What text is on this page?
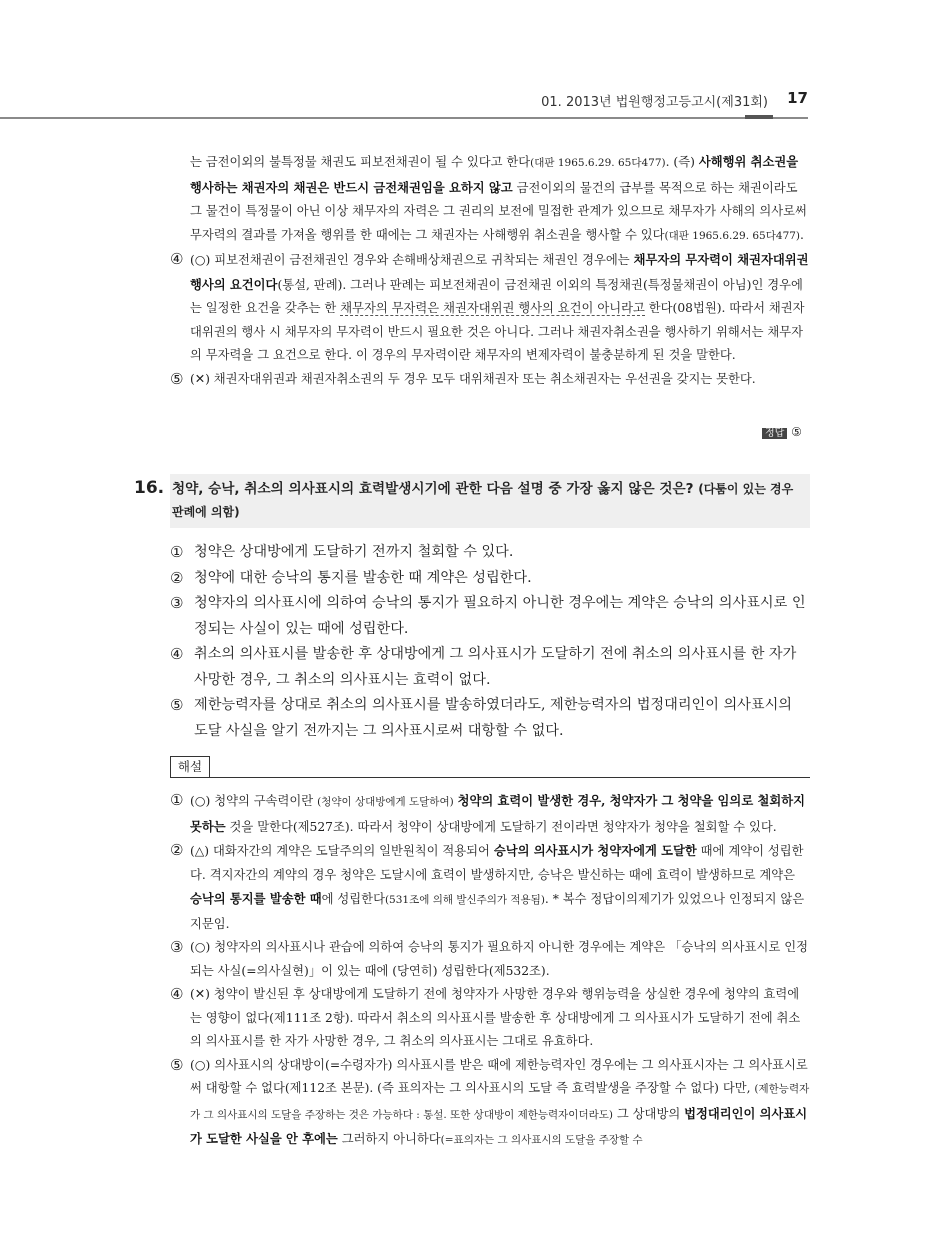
01. 2013년 법원행정고등고시(제31회) 17

는 금전이외의 불특정물 채권도 피보전채권이 될 수 있다고 한다(대판 1965.6.29. 65다477). (즉) 사해행위 취소권을 행사하는 채권자의 채권은 반드시 금전채권임을 요하지 않고 금전이외의 물건의 급부를 목적으로 하는 채권이라도 그 물건이 특정물이 아닌 이상 채무자의 자력은 그 권리의 보전에 밀접한 관계가 있으므로 채무자가 사해의 의사로써 무자력의 결과를 가져올 행위를 한 때에는 그 채권자는 사해행위 취소권을 행사할 수 있다(대판 1965.6.29. 65다477).

④ (○) 피보전채권이 금전채권인 경우와 손해배상채권으로 귀착되는 채권인 경우에는 채무자의 무자력이 채권자대위권 행사의 요건이다(통설, 판례). 그러나 판례는 피보전채권이 금전채권 이외의 특정채권(특정물채권이 아님)인 경우에는 일정한 요건을 갖추는 한 채무자의 무자력은 채권자대위권 행사의 요건이 아니라고 한다(08법원). 따라서 채권자대위권의 행사 시 채무자의 무자력이 반드시 필요한 것은 아니다. 그러나 채권자취소권을 행사하기 위해서는 채무자의 무자력을 그 요건으로 한다. 이 경우의 무자력이란 채무자의 변제자력이 불충분하게 된 것을 말한다.

⑤ (✕) 채권자대위권과 채권자취소권의 두 경우 모두 대위채권자 또는 취소채권자는 우선권을 갖지는 못한다.

정답 ⑤
16. 청약, 승낙, 취소의 의사표시의 효력발생시기에 관한 다음 설명 중 가장 옳지 않은 것은? (다툼이 있는 경우 판례에 의함)

① 청약은 상대방에게 도달하기 전까지 철회할 수 있다.

② 청약에 대한 승낙의 통지를 발송한 때 계약은 성립한다.

③ 청약자의 의사표시에 의하여 승낙의 통지가 필요하지 아니한 경우에는 계약은 승낙의 의사표시로 인정되는 사실이 있는 때에 성립한다.

④ 취소의 의사표시를 발송한 후 상대방에게 그 의사표시가 도달하기 전에 취소의 의사표시를 한 자가 사망한 경우, 그 취소의 의사표시는 효력이 없다.

⑤ 제한능력자를 상대로 취소의 의사표시를 발송하였더라도, 제한능력자의 법정대리인이 의사표시의 도달 사실을 알기 전까지는 그 의사표시로써 대항할 수 없다.

해설

① (○) 청약의 구속력이란 (청약이 상대방에게 도달하여) 청약의 효력이 발생한 경우, 청약자가 그 청약을 임의로 철회하지 못하는 것을 말한다(제527조). 따라서 청약이 상대방에게 도달하기 전이라면 청약자가 청약을 철회할 수 있다.

② (△) 대화자간의 계약은 도달주의의 일반원칙이 적용되어 승낙의 의사표시가 청약자에게 도달한 때에 계약이 성립한다. 격지자간의 계약의 경우 청약은 도달시에 효력이 발생하지만, 승낙은 발신하는 때에 효력이 발생하므로 계약은 승낙의 통지를 발송한 때에 성립한다(531조에 의해 발신주의가 적용됨). * 복수 정답이의제기가 있었으나 인정되지 않은 지문임.

③ (○) 청약자의 의사표시나 관습에 의하여 승낙의 통지가 필요하지 아니한 경우에는 계약은 「승낙의 의사표시로 인정되는 사실(=의사실현)」이 있는 때에 (당연히) 성립한다(제532조).

④ (✕) 청약이 발신된 후 상대방에게 도달하기 전에 청약자가 사망한 경우와 행위능력을 상실한 경우에 청약의 효력에는 영향이 없다(제111조 2항). 따라서 취소의 의사표시를 발송한 후 상대방에게 그 의사표시가 도달하기 전에 취소의 의사표시를 한 자가 사망한 경우, 그 취소의 의사표시는 그대로 유효하다.

⑤ (○) 의사표시의 상대방이(=수령자가) 의사표시를 받은 때에 제한능력자인 경우에는 그 의사표시자는 그 의사표시로써 대항할 수 없다(제112조 본문). (즉 표의자는 그 의사표시의 도달 즉 효력발생을 주장할 수 없다) 다만, (제한능력자가 그 의사표시의 도달을 주장하는 것은 가능하다 : 통설. 또한 상대방이 제한능력자이더라도) 그 상대방의 법정대리인이 의사표시가 도달한 사실을 안 후에는 그러하지 아니하다(=표의자는 그 의사표시의 도달을 주장할 수
